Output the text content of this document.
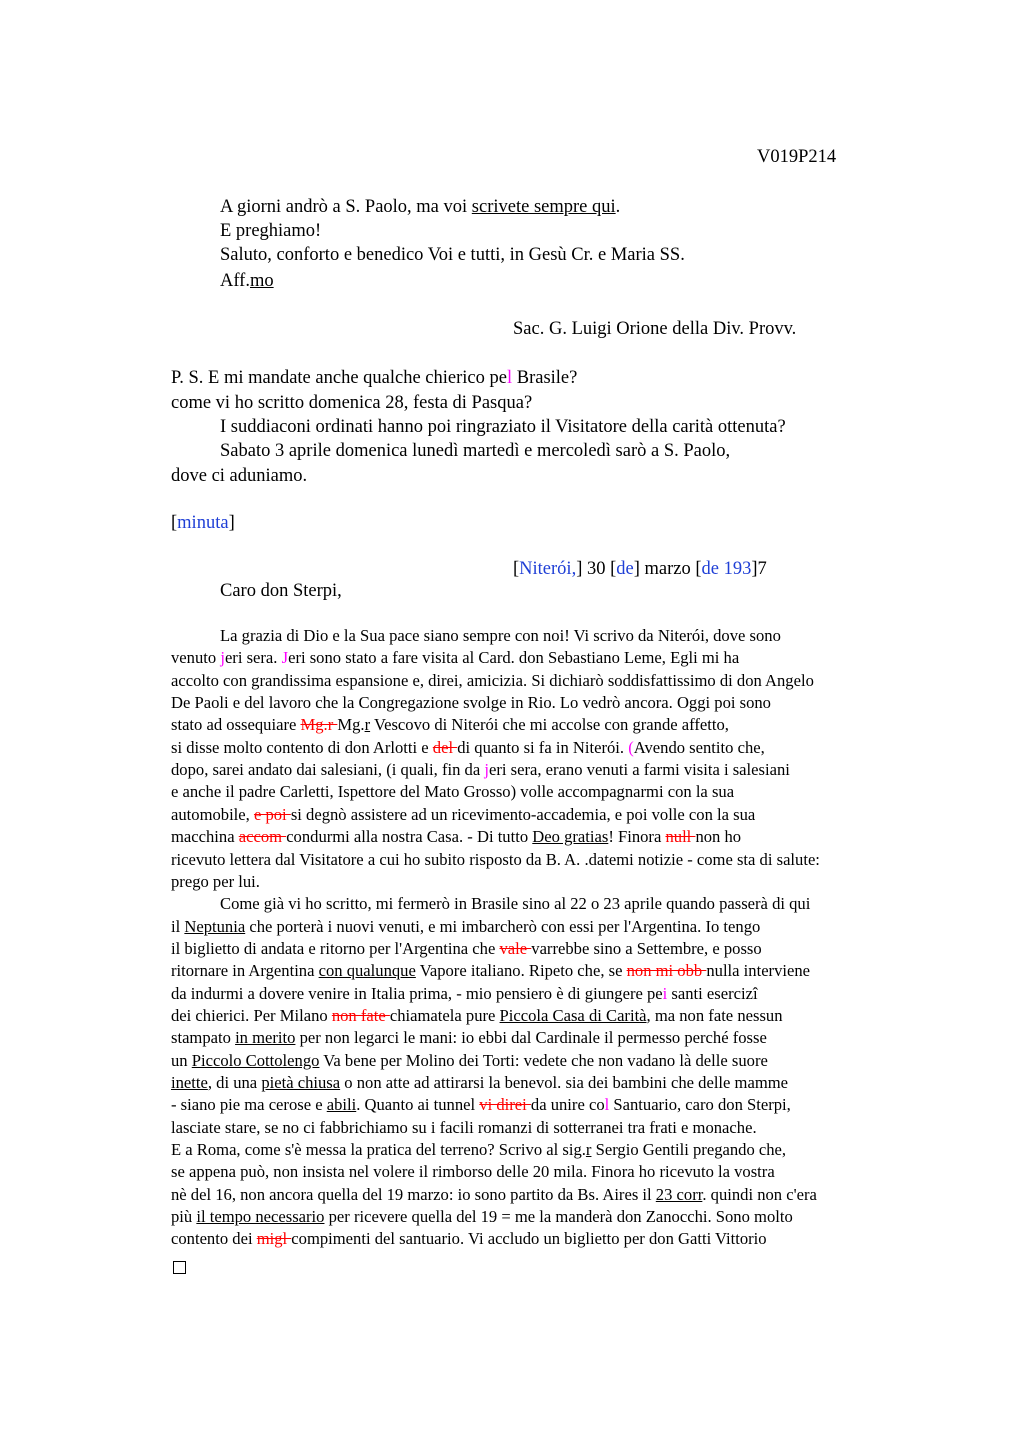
V019P214
A giorni andrò a S. Paolo, ma voi scrivete sempre qui.
E preghiamo!
Saluto, conforto e benedico Voi e tutti, in Gesù Cr. e Maria SS.
Aff.mo
Sac. G. Luigi Orione della Div. Provv.
P. S. E mi mandate anche qualche chierico pel Brasile?
come vi ho scritto domenica 28, festa di Pasqua?
I suddiaconi ordinati hanno poi ringraziato il Visitatore della carità ottenuta?
Sabato 3 aprile domenica lunedì martedì e mercoledì sarò a S. Paolo,
dove ci aduniamo.
[minuta]
[Niterói,] 30 [de] marzo [de 193]7
Caro don Sterpi,
La grazia di Dio e la Sua pace siano sempre con noi! Vi scrivo da Niterói, dove sono
venuto jeri sera. Jeri sono stato a fare visita al Card. don Sebastiano Leme, Egli mi ha
accolto con grandissima espansione e, direi, amicizia. Si dichiarò soddisfattissimo di don Angelo
De Paoli e del lavoro che la Congregazione svolge in Rio. Lo vedrò ancora. Oggi poi sono
stato ad ossequiare Mg.r Mg.r Vescovo di Niterói che mi accolse con grande affetto,
si disse molto contento di don Arlotti e del di quanto si fa in Niterói. (Avendo sentito che,
dopo, sarei andato dai salesiani, (i quali, fin da jeri sera, erano venuti a farmi visita i salesiani
e anche il padre Carletti, Ispettore del Mato Grosso) volle accompagnarmi con la sua
automobile, e poi si degnò assistere ad un ricevimento-accademia, e poi volle con la sua
macchina accom condurmi alla nostra Casa. - Di tutto Deo gratias! Finora null non ho
ricevuto lettera dal Visitatore a cui ho subito risposto da B. A. .datemi notizie - come sta di salute:
prego per lui.
Come già vi ho scritto, mi fermerò in Brasile sino al 22 o 23 aprile quando passerà di qui
il Neptunia che porterà i nuovi venuti, e mi imbarcherò con essi per l'Argentina. Io tengo
il biglietto di andata e ritorno per l'Argentina che vale varrebbe sino a Settembre, e posso
ritornare in Argentina con qualunque Vapore italiano. Ripeto che, se non mi obb nulla interviene
da indurmi a dovere venire in Italia prima, - mio pensiero è di giungere pei santi esercizî
dei chierici. Per Milano non fate chiamatela pure Piccola Casa di Carità, ma non fate nessun
stampato in merito per non legarci le mani: io ebbi dal Cardinale il permesso perché fosse
un Piccolo Cottolengo Va bene per Molino dei Torti: vedete che non vadano là delle suore
inette, di una pietà chiusa o non atte ad attirarsi la benevol. sia dei bambini che delle mamme
- siano pie ma cerose e abili. Quanto ai tunnel vi direi da unire col Santuario, caro don Sterpi,
lasciate stare, se no ci fabbrichiamo su i facili romanzi di sotterranei tra frati e monache.
E a Roma, come s'è messa la pratica del terreno? Scrivo al sig.r Sergio Gentili pregando che,
se appena può, non insista nel volere il rimborso delle 20 mila. Finora ho ricevuto la vostra
nè del 16, non ancora quella del 19 marzo: io sono partito da Bs. Aires il 23 corr. quindi non c'era
più il tempo necessario per ricevere quella del 19 = me la manderà don Zanocchi. Sono molto
contento dei migl compimenti del santuario. Vi accludo un biglietto per don Gatti Vittorio
